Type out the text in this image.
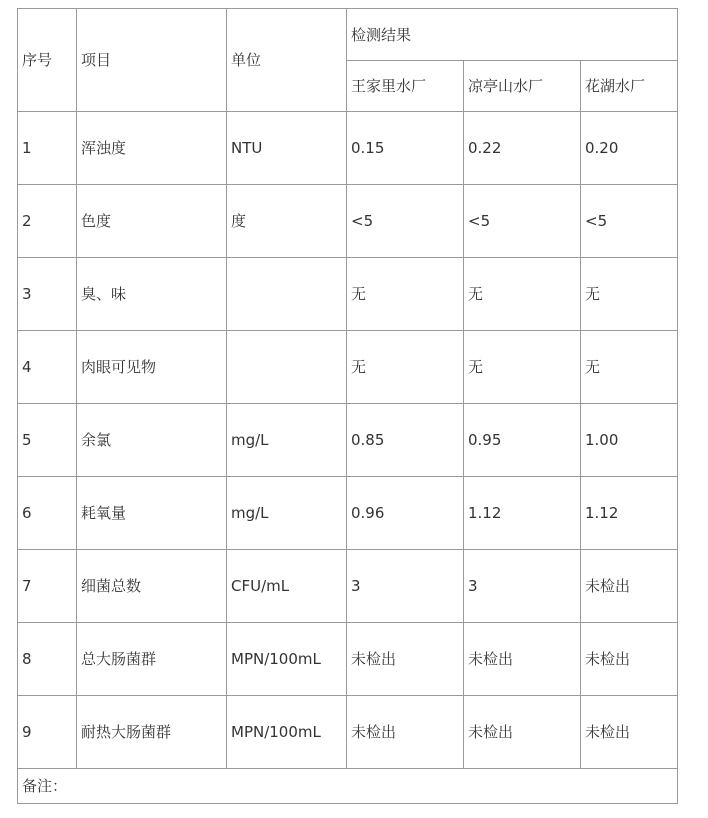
序号	项目	单位	检测结果		
			王家里水厂	凉亭山水厂	花湖水厂
1	浑浊度	NTU	0.15	0.22	0.20
2	色度	度	<5	<5	<5
3	臭、味		无	无	无
4	肉眼可见物		无	无	无
5	余氯	mg/L	0.85	0.95	1.00
6	耗氧量	mg/L	0.96	1.12	1.12
7	细菌总数	CFU/mL	3	3	未检出
8	总大肠菌群	MPN/100mL	未检出	未检出	未检出
9	耐热大肠菌群	MPN/100mL	未检出	未检出	未检出
备注：					
